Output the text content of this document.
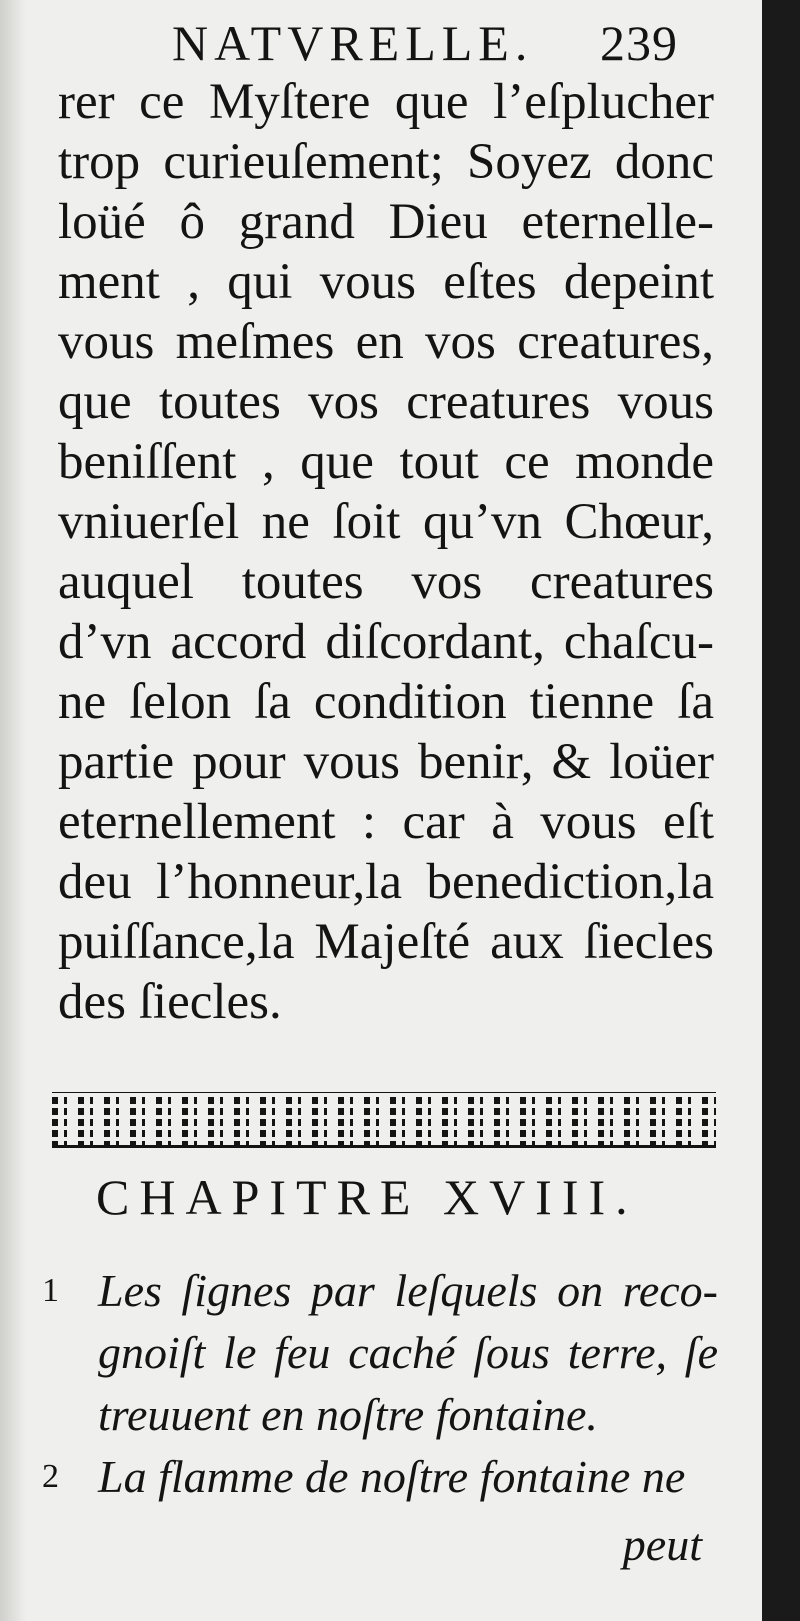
NATVRELLE. 239
rer ce Myſtere que l’eſplucher
trop curieuſement; Soyez donc
loüé ô grand Dieu eternelle-
ment , qui vous eſtes depeint
vous meſmes en vos creatures,
que toutes vos creatures vous
beniſſent , que tout ce monde
vniuerſel ne ſoit qu’vn Chœur,
auquel toutes vos creatures
d’vn accord diſcordant, chaſcu-
ne ſelon ſa condition tienne ſa
partie pour vous benir, & loüer
eternellement : car à vous eſt
deu l’honneur,la benediction,la
puiſſance,la Majeſté aux ſiecles
des ſiecles.
CHAPITRE XVIII.
1 Les ſignes par leſquels on reco-
gnoiſt le feu caché ſous terre, ſe
treuuent en noſtre fontaine.
2 La flamme de noſtre fontaine ne
peut
